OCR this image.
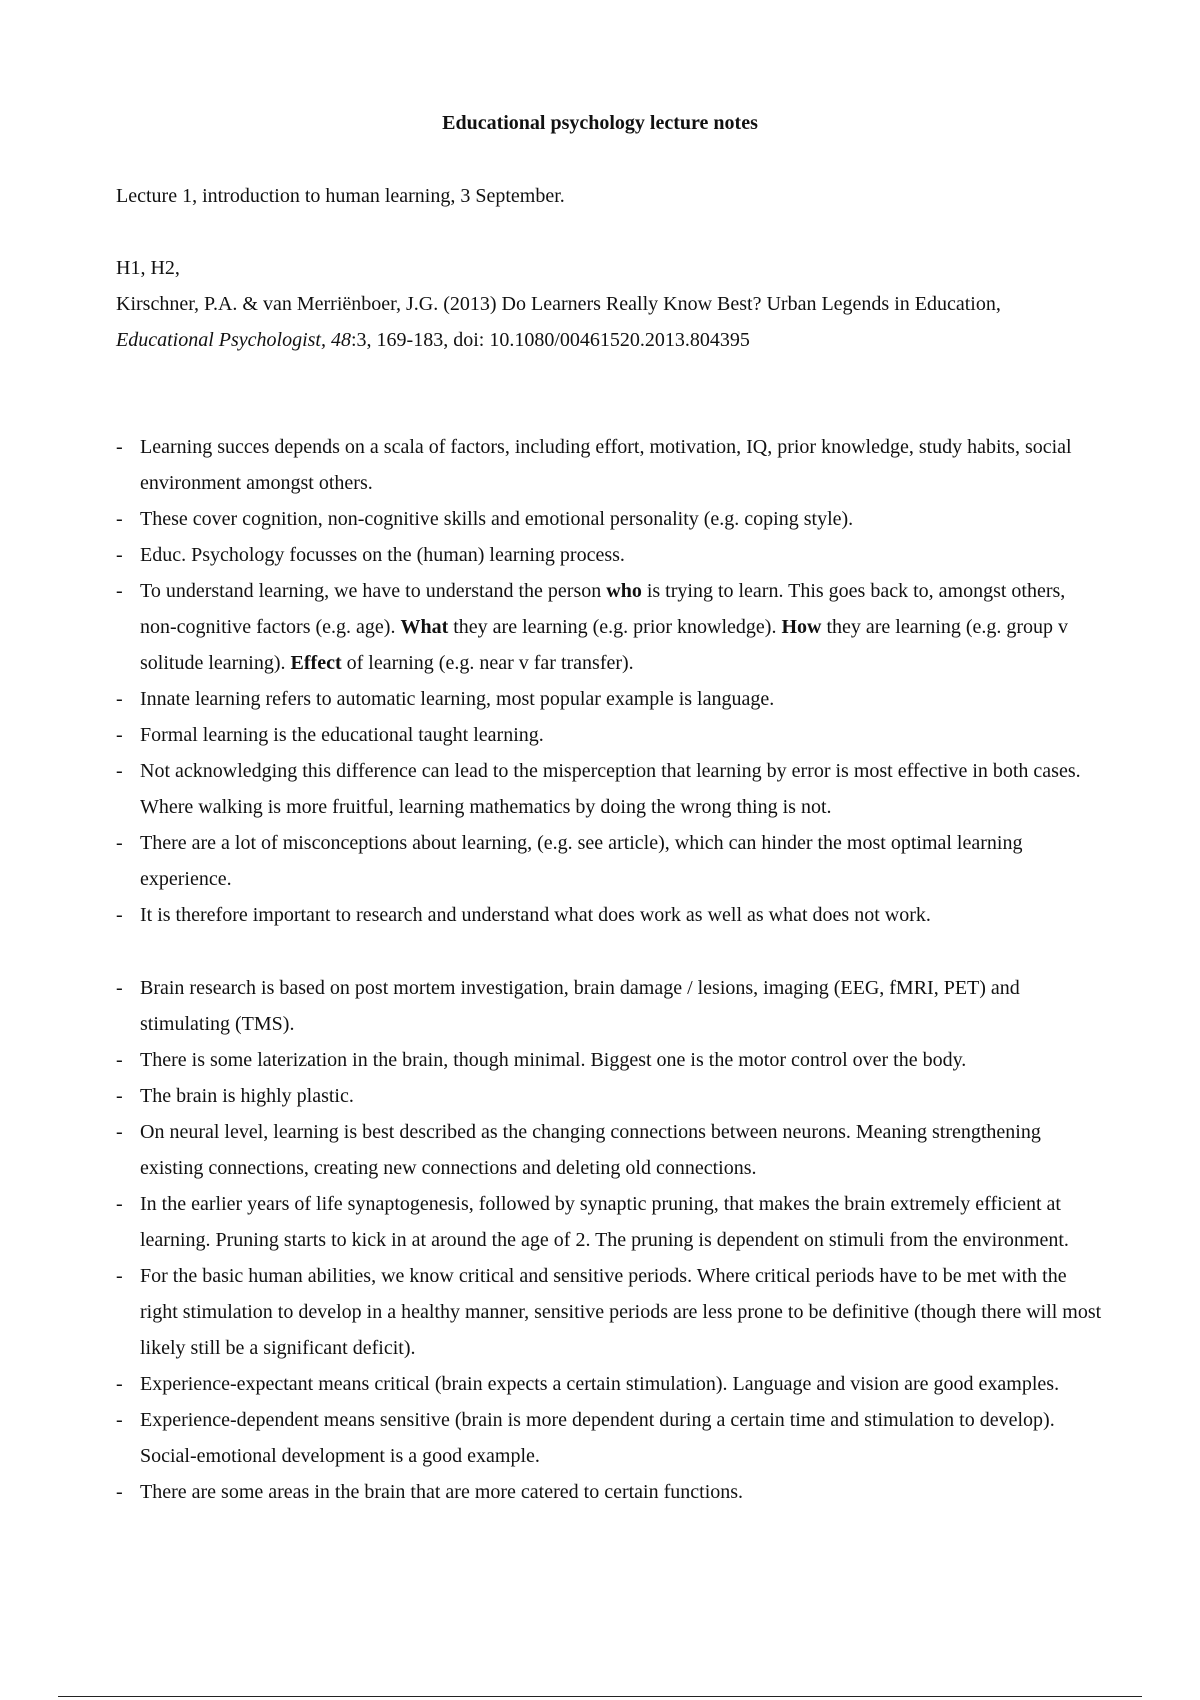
Educational psychology lecture notes
Lecture 1, introduction to human learning, 3 September.

H1, H2,

Kirschner, P.A. & van Merriënboer, J.G. (2013) Do Learners Really Know Best? Urban Legends in Education, Educational Psychologist, 48:3, 169-183, doi: 10.1080/00461520.2013.804395

- Learning succes depends on a scala of factors, including effort, motivation, IQ, prior knowledge, study habits, social environment amongst others.
- These cover cognition, non-cognitive skills and emotional personality (e.g. coping style).
- Educ. Psychology focusses on the (human) learning process.
- To understand learning, we have to understand the person who is trying to learn. This goes back to, amongst others, non-cognitive factors (e.g. age). What they are learning (e.g. prior knowledge). How they are learning (e.g. group v solitude learning). Effect of learning (e.g. near v far transfer).
- Innate learning refers to automatic learning, most popular example is language.
- Formal learning is the educational taught learning.
- Not acknowledging this difference can lead to the misperception that learning by error is most effective in both cases. Where walking is more fruitful, learning mathematics by doing the wrong thing is not.
- There are a lot of misconceptions about learning, (e.g. see article), which can hinder the most optimal learning experience.
- It is therefore important to research and understand what does work as well as what does not work.
- Brain research is based on post mortem investigation, brain damage / lesions, imaging (EEG, fMRI, PET) and stimulating (TMS).
- There is some laterization in the brain, though minimal. Biggest one is the motor control over the body.
- The brain is highly plastic.
- On neural level, learning is best described as the changing connections between neurons. Meaning strengthening existing connections, creating new connections and deleting old connections.
- In the earlier years of life synaptogenesis, followed by synaptic pruning, that makes the brain extremely efficient at learning. Pruning starts to kick in at around the age of 2. The pruning is dependent on stimuli from the environment.
- For the basic human abilities, we know critical and sensitive periods. Where critical periods have to be met with the right stimulation to develop in a healthy manner, sensitive periods are less prone to be definitive (though there will most likely still be a significant deficit).
- Experience-expectant means critical (brain expects a certain stimulation). Language and vision are good examples.
- Experience-dependent means sensitive (brain is more dependent during a certain time and stimulation to develop). Social-emotional development is a good example.
- There are some areas in the brain that are more catered to certain functions.
